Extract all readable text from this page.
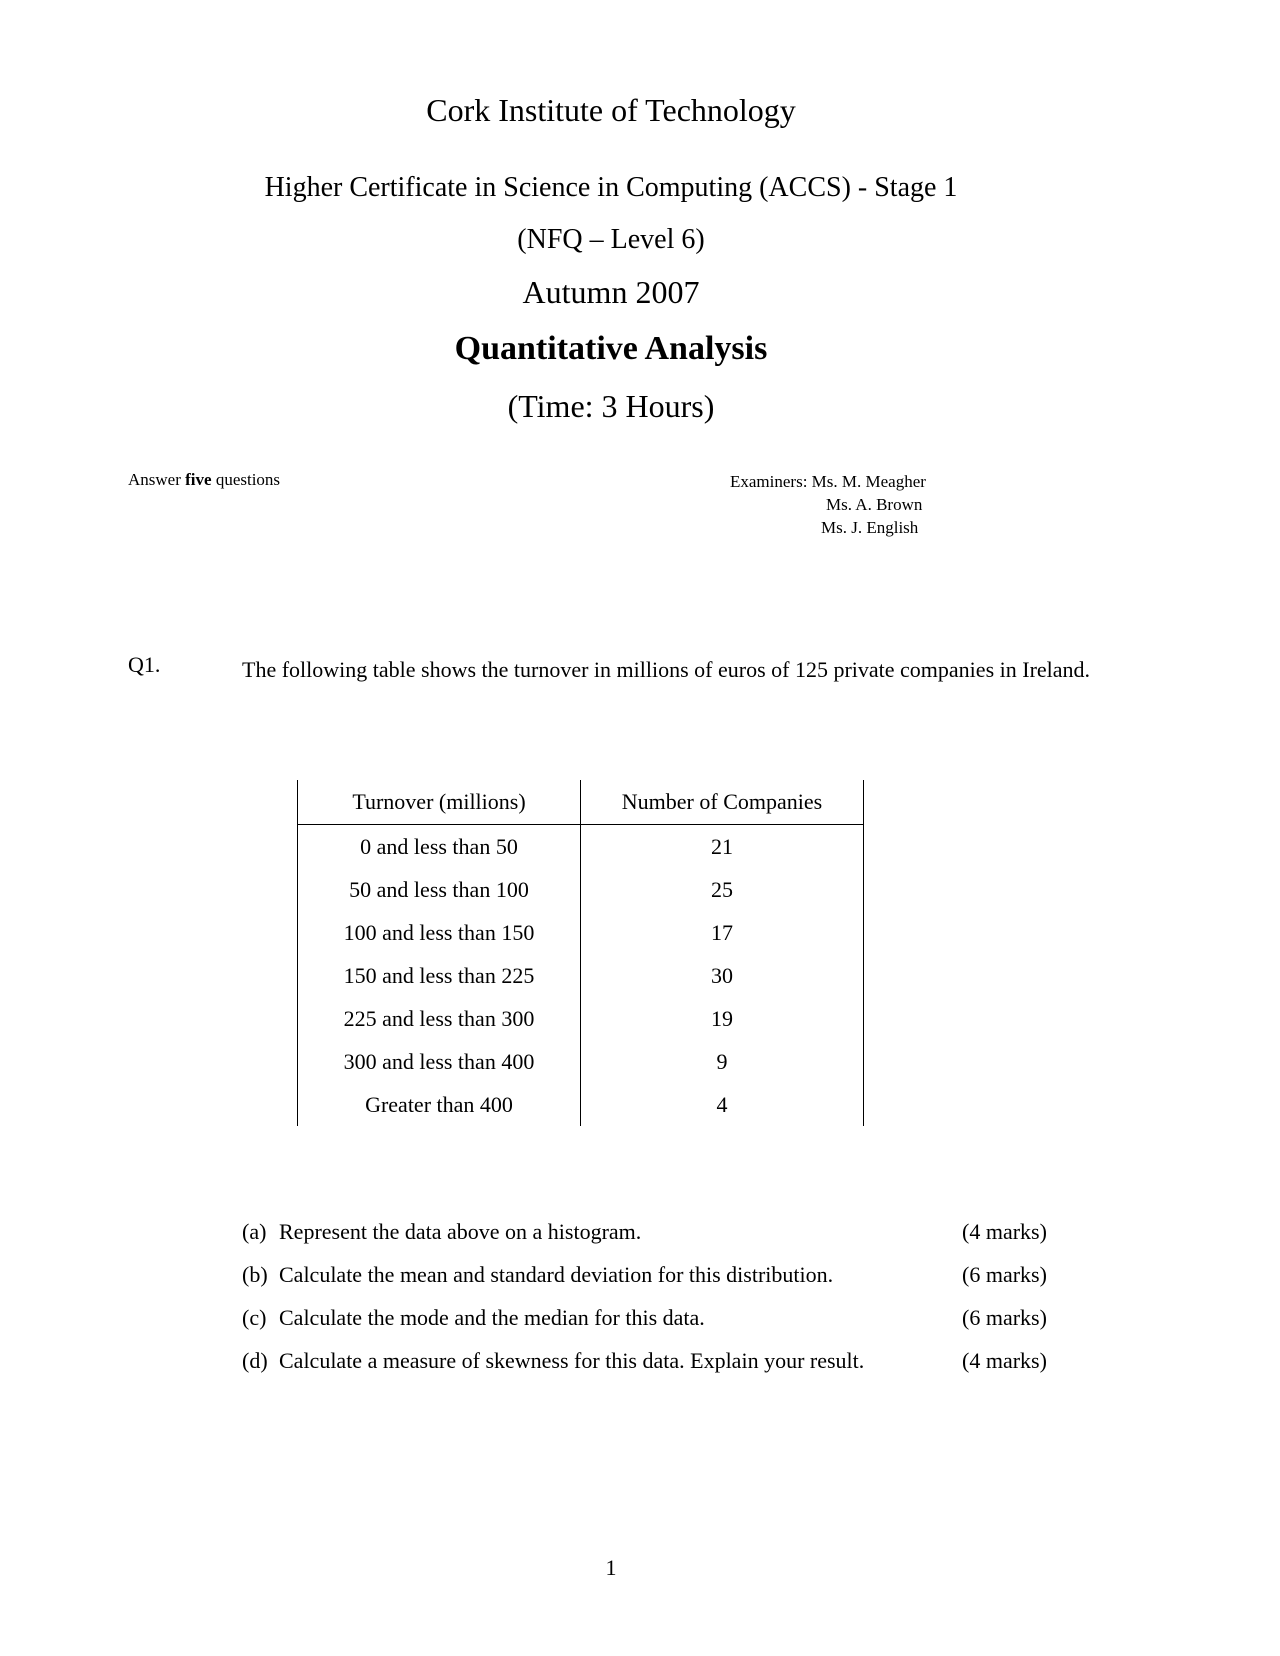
Cork Institute of Technology
Higher Certificate in Science in Computing (ACCS) - Stage 1
(NFQ – Level 6)
Autumn 2007
Quantitative Analysis
(Time: 3 Hours)
Answer five questions	Examiners: Ms. M. Meagher
Ms. A. Brown
Ms. J. English
Q1.	The following table shows the turnover in millions of euros of 125 private companies in Ireland.
Turnover (millions)	Number of Companies
0 and less than 50	21
50 and less than 100	25
100 and less than 150	17
150 and less than 225	30
225 and less than 300	19
300 and less than 400	9
Greater than 400	4
(a) Represent the data above on a histogram.	(4 marks)
(b) Calculate the mean and standard deviation for this distribution.	(6 marks)
(c) Calculate the mode and the median for this data.	(6 marks)
(d) Calculate a measure of skewness for this data. Explain your result.	(4 marks)
1
